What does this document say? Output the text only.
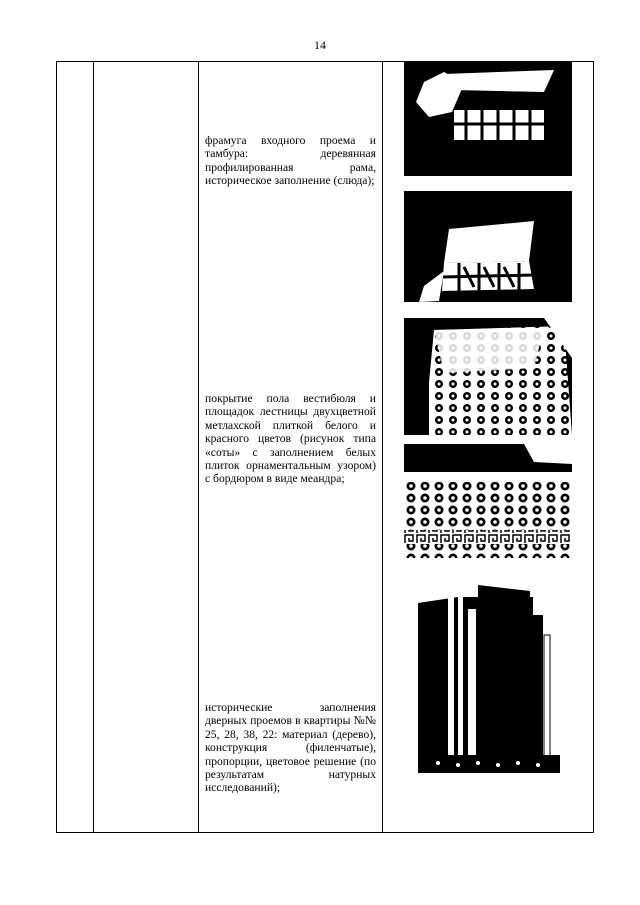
14
фрамуга входного проема и тамбура: деревянная профилированная рама, историческое заполнение (слюда);
покрытие пола вестибюля и площадок лестницы двухцветной метлахской плиткой белого и красного цветов (рисунок типа «соты» с заполнением белых плиток орнаментальным узором) с бордюром в виде меандра;
исторические заполнения дверных проемов в квартиры №№ 25, 28, 38, 22: материал (дерево), конструкция (филенчатые), пропорции, цветовое решение (по результатам натурных исследований);
